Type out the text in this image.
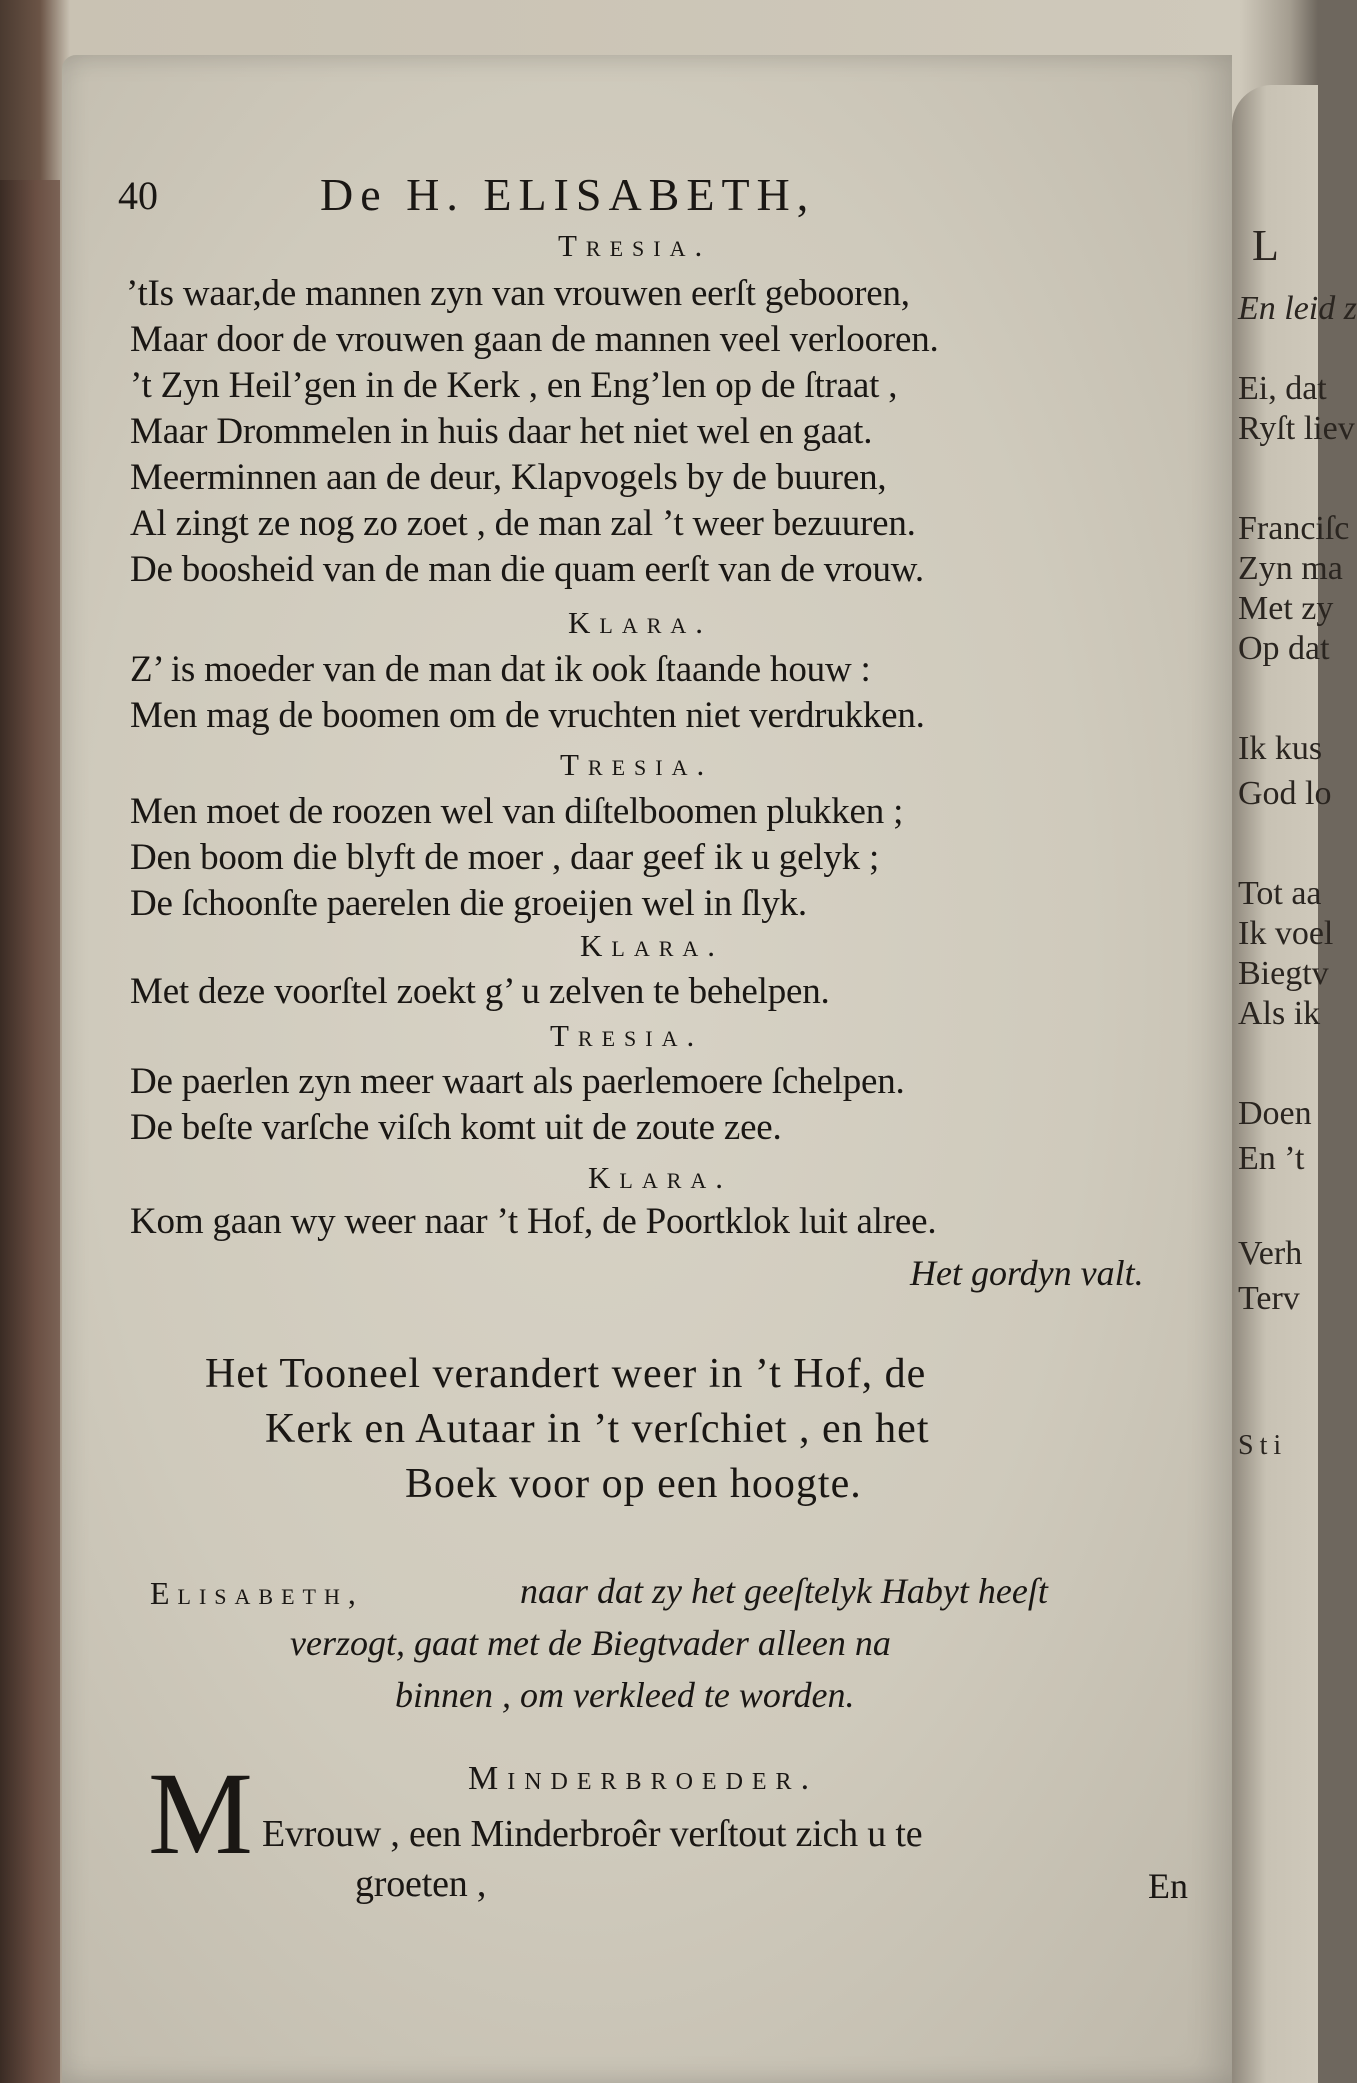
L
En leid z
Ei, dat
Ryſt liev
Franciſc
Zyn ma
Met zy
Op dat
Ik kus
God lo
Tot aa
Ik voel
Biegtv
Als ik
Doen
En ’t
Verh
Terv
Sti
40	De H. ELISABETH,
Tresia.
’tIs waar,de mannen zyn van vrouwen eerſt gebooren,
Maar door de vrouwen gaan de mannen veel verlooren.
’t Zyn Heil’gen in de Kerk , en Eng’len op de ſtraat ,
Maar Drommelen in huis daar het niet wel en gaat.
Meerminnen aan de deur, Klapvogels by de buuren,
Al zingt ze nog zo zoet , de man zal ’t weer bezuuren.
De boosheid van de man die quam eerſt van de vrouw.
Klara.
Z’ is moeder van de man dat ik ook ſtaande houw :
Men mag de boomen om de vruchten niet verdrukken.
Tresia.
Men moet de roozen wel van diſtelboomen plukken ;
Den boom die blyft de moer , daar geef ik u gelyk ;
De ſchoonſte paerelen die groeijen wel in ſlyk.
Klara.
Met deze voorſtel zoekt g’ u zelven te behelpen.
Tresia.
De paerlen zyn meer waart als paerlemoere ſchelpen.
De beſte varſche viſch komt uit de zoute zee.
Klara.
Kom gaan wy weer naar ’t Hof, de Poortklok luit alree.
Het gordyn valt.
Het Tooneel verandert weer in ’t Hof, de
Kerk en Autaar in ’t verſchiet , en het
Boek voor op een hoogte.
Elisabeth,	naar dat zy het geeſtelyk Habyt heeſt
verzogt, gaat met de Biegtvader alleen na
binnen , om verkleed te worden.
Minderbroeder.
M Evrouw , een Minderbroêr verſtout zich u te
groeten ,	En
